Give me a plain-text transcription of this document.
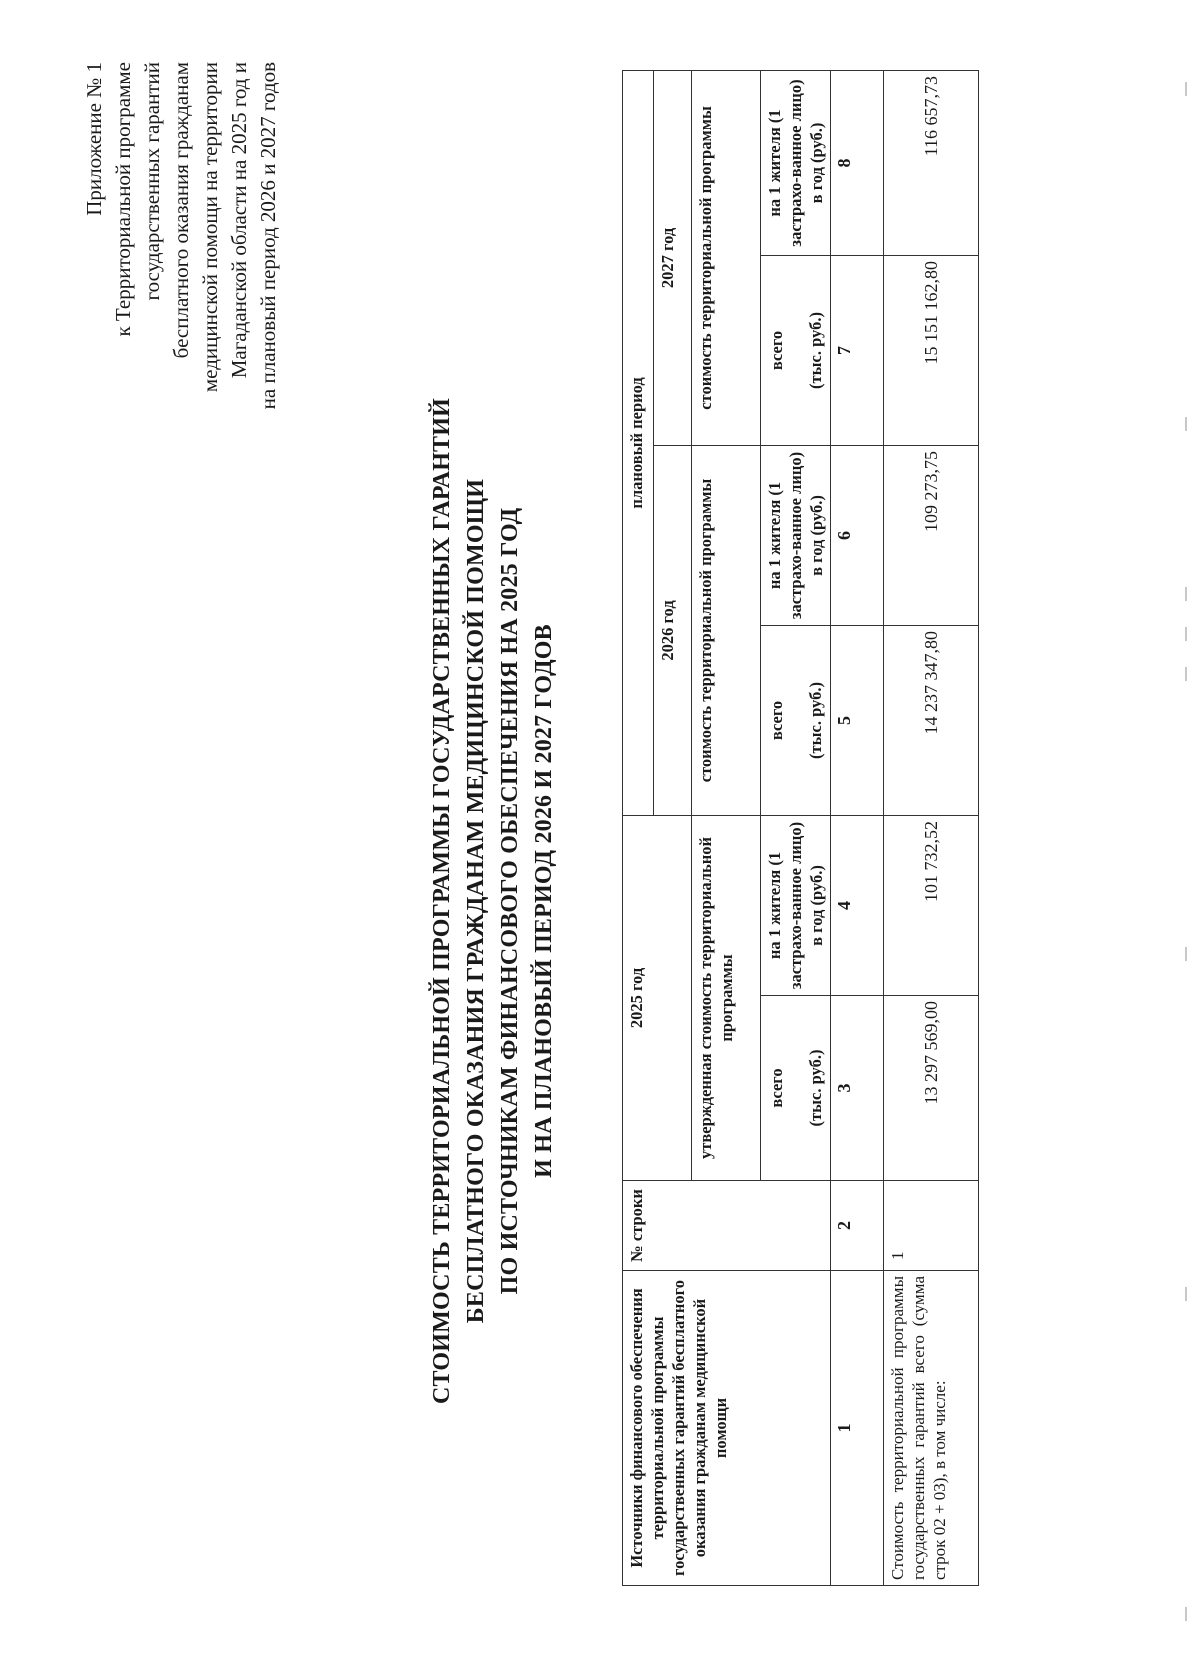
Приложение № 1 к Территориальной программе государственных гарантий бесплатного оказания гражданам медицинской помощи на территории Магаданской области на 2025 год и на плановый период 2026 и 2027 годов
СТОИМОСТЬ ТЕРРИТОРИАЛЬНОЙ ПРОГРАММЫ ГОСУДАРСТВЕННЫХ ГАРАНТИЙ БЕСПЛАТНОГО ОКАЗАНИЯ ГРАЖДАНАМ МЕДИЦИНСКОЙ ПОМОЩИ ПО ИСТОЧНИКАМ ФИНАНСОВОГО ОБЕСПЕЧЕНИЯ НА 2025 ГОД И НА ПЛАНОВЫЙ ПЕРИОД 2026 И 2027 ГОДОВ
Источники финансового обеспечения территориальной программы государственных гарантий бесплатного оказания гражданам медицинской помощи	№ строки	2025 год		плановый период			
				2026 год		2027 год	
		утвержденная стоимость территориальной программы		стоимость территориальной программы		стоимость территориальной программы	
		всего (тыс. руб.)	на 1 жителя (1 застрахо-ванное лицо) в год (руб.)	всего (тыс. руб.)	на 1 жителя (1 застрахо-ванное лицо) в год (руб.)	всего (тыс. руб.)	на 1 жителя (1 застрахо-ванное лицо) в год (руб.)
1	2	3	4	5	6	7	8
Стоимость территориальной программы государственных гарантий всего (сумма строк 02 + 03), в том числе:	1	13 297 569,00	101 732,52	14 237 347,80	109 273,75	15 151 162,80	116 657,73
